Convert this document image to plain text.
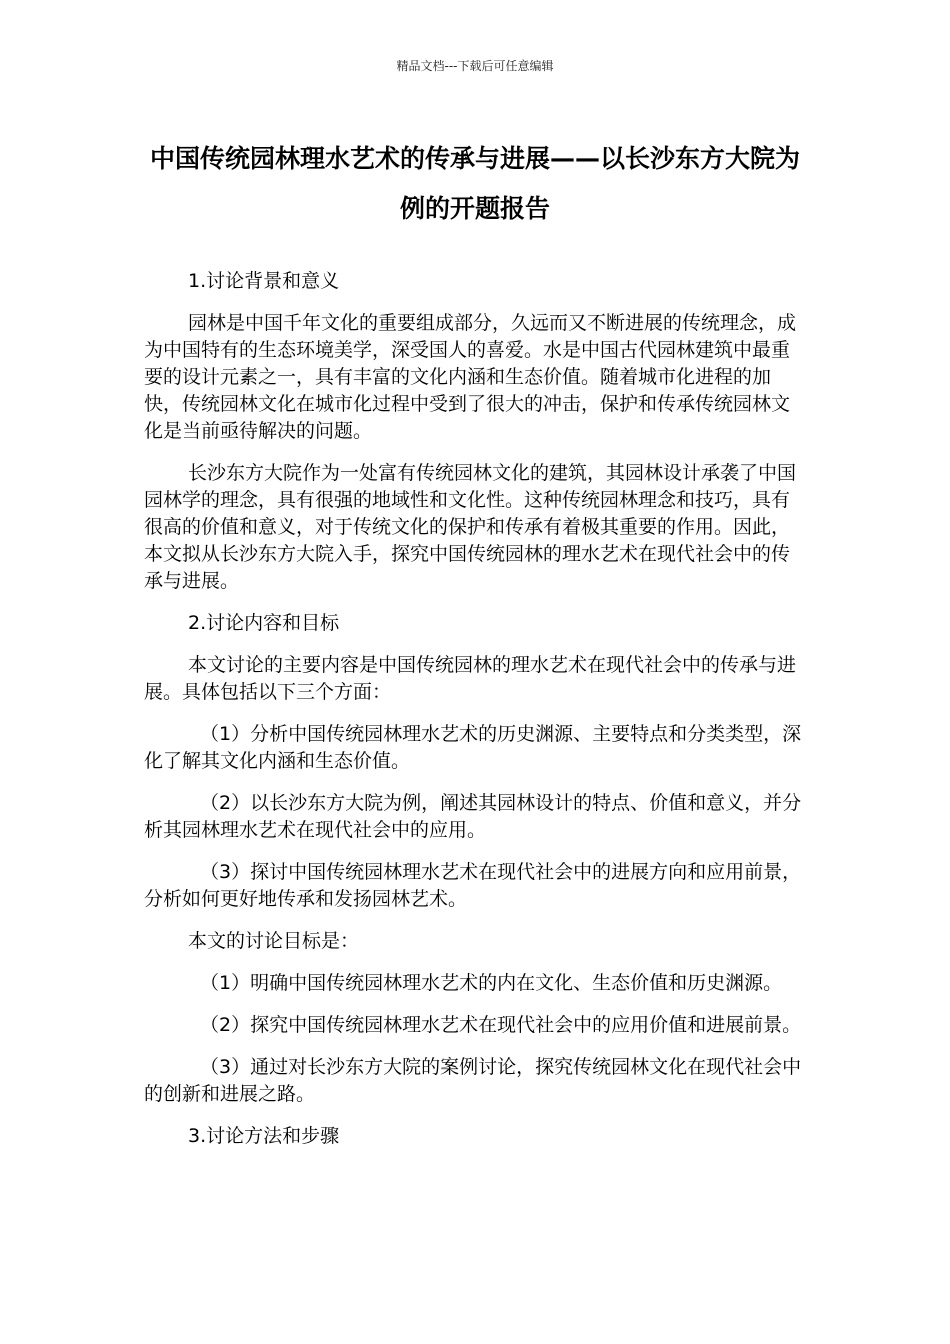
精品文档---下载后可任意编辑
中国传统园林理水艺术的传承与进展——以长沙东方大院为例的开题报告

1.讨论背景和意义

园林是中国千年文化的重要组成部分，久远而又不断进展的传统理念，成为中国特有的生态环境美学，深受国人的喜爱。水是中国古代园林建筑中最重要的设计元素之一，具有丰富的文化内涵和生态价值。随着城市化进程的加快，传统园林文化在城市化过程中受到了很大的冲击，保护和传承传统园林文化是当前亟待解决的问题。

长沙东方大院作为一处富有传统园林文化的建筑，其园林设计承袭了中国园林学的理念，具有很强的地域性和文化性。这种传统园林理念和技巧，具有很高的价值和意义，对于传统文化的保护和传承有着极其重要的作用。因此，本文拟从长沙东方大院入手，探究中国传统园林的理水艺术在现代社会中的传承与进展。

2.讨论内容和目标

本文讨论的主要内容是中国传统园林的理水艺术在现代社会中的传承与进展。具体包括以下三个方面：

（1）分析中国传统园林理水艺术的历史渊源、主要特点和分类类型，深化了解其文化内涵和生态价值。

（2）以长沙东方大院为例，阐述其园林设计的特点、价值和意义，并分析其园林理水艺术在现代社会中的应用。

（3）探讨中国传统园林理水艺术在现代社会中的进展方向和应用前景，分析如何更好地传承和发扬园林艺术。

本文的讨论目标是：

（1）明确中国传统园林理水艺术的内在文化、生态价值和历史渊源。

（2）探究中国传统园林理水艺术在现代社会中的应用价值和进展前景。

（3）通过对长沙东方大院的案例讨论，探究传统园林文化在现代社会中的创新和进展之路。

3.讨论方法和步骤
